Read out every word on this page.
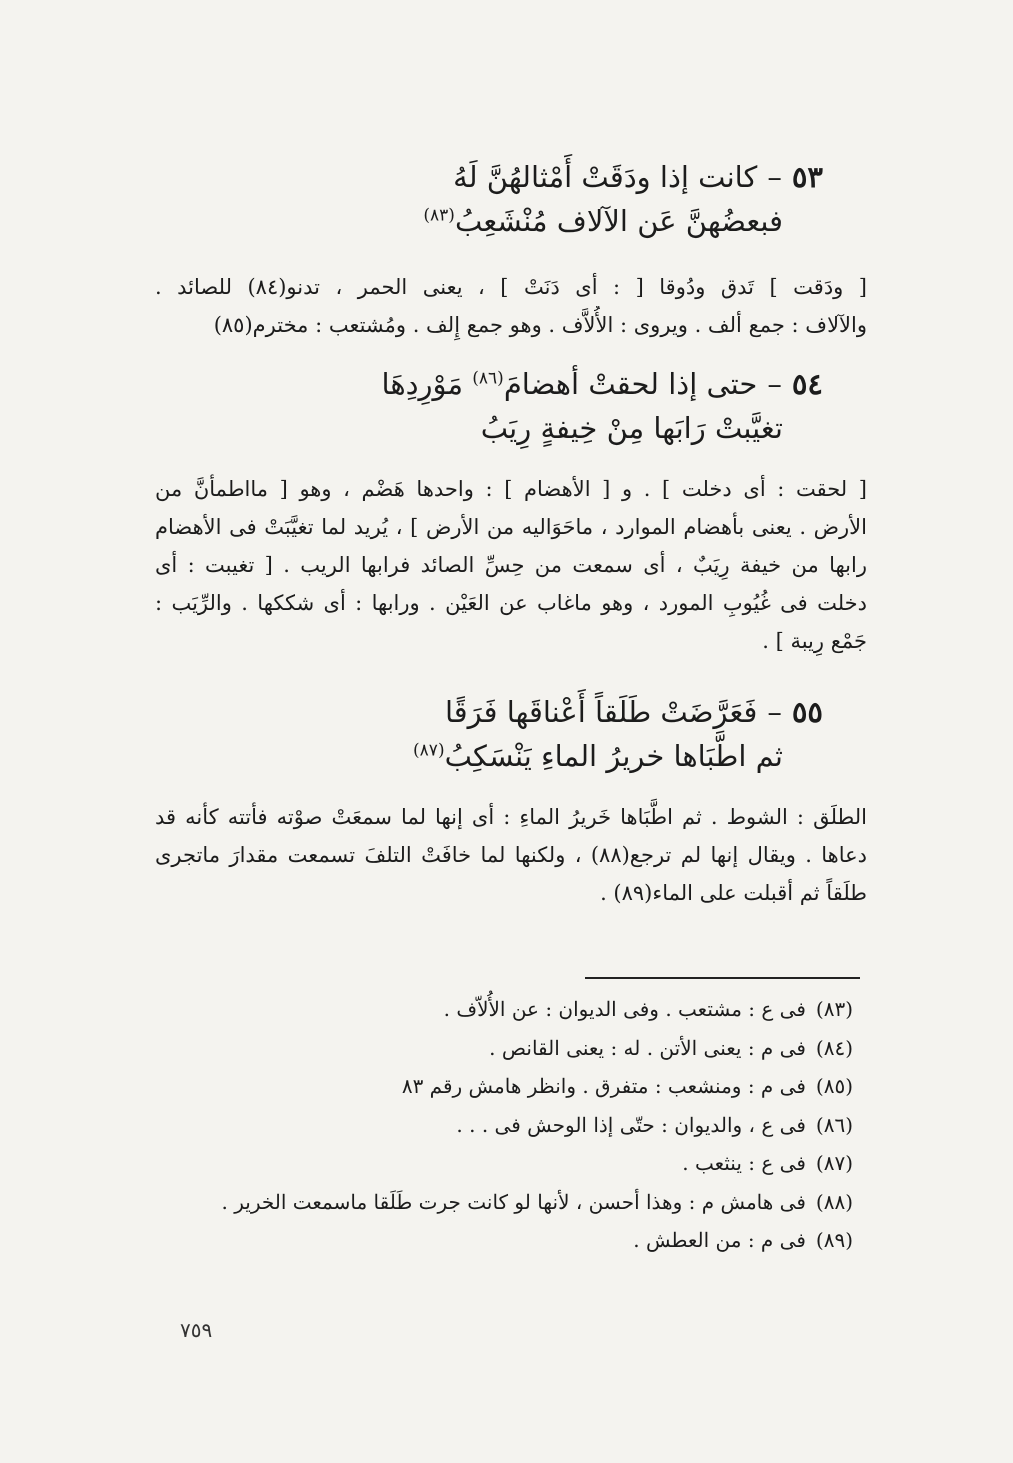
٥٣–كانت إذا ودَقَتْ أَمْثالهُنَّ لَهُ
فبعضُهنَّ عَن الآلاف مُنْشَعِبُ$^{(٨٣)}$
[ ودَقت ] تَدق ودُوقا [ : أى دَنَتْ ] ، يعنى الحمر ، تدنو(٨٤) للصائد .
والآلاف : جمع ألف . ويروى : الأُلاَّف . وهو جمع إِلف . ومُشتعب : مخترم(٨٥)
٥٤–حتى إذا لحقتْ أهضامَ$^{(٨٦)}$ مَوْرِدِهَا
تغيَّبتْ رَابَها مِنْ خِيفةٍ رِيَبُ
[ لحقت : أى دخلت ] . و [ الأهضام ] : واحدها هَضْم ، وهو [ مااطمأنَّ من
الأرض . يعنى بأهضام الموارد ، ماحَوَاليه من الأرض ] ، يُريد لما تغيَّبَتْ فى الأهضام
رابها من خيفة رِيَبٌ ، أى سمعت من حِسِّ الصائد فرابها الريب . [ تغيبت : أى
دخلت فى غُيُوبِ المورد ، وهو ماغاب عن العَيْن . ورابها : أى شككها . والرِّيَب :
جَمْع رِيبة ] .
٥٥–فَعَرَّضَتْ طَلَقاً أَعْناقَها فَرَقًا
ثم اطَّبَاها خريرُ الماءِ يَنْسَكِبُ$^{(٨٧)}$
الطلَق : الشوط . ثم اطَّبَاها خَريرُ الماءِ : أى إنها لما سمعَتْ صوْته فأتته كأنه قد
دعاها . ويقال إنها لم ترجع(٨٨) ، ولكنها لما خافَتْ التلفَ تسمعت مقدارَ ماتجرى
طلَقاً ثم أقبلت على الماء(٨٩) .
(٨٣)فى ع : مشتعب . وفى الديوان : عن الأُلاّف .
(٨٤)فى م : يعنى الأتن . له : يعنى القانص .
(٨٥)فى م : ومنشعب : متفرق . وانظر هامش رقم ٨٣
(٨٦)فى ع ، والديوان : حتّى إذا الوحش فى . . .
(٨٧)فى ع : ينثعب .
(٨٨)فى هامش م : وهذا أحسن ، لأنها لو كانت جرت طَلَقا ماسمعت الخرير .
(٨٩)فى م : من العطش .
٧٥٩
